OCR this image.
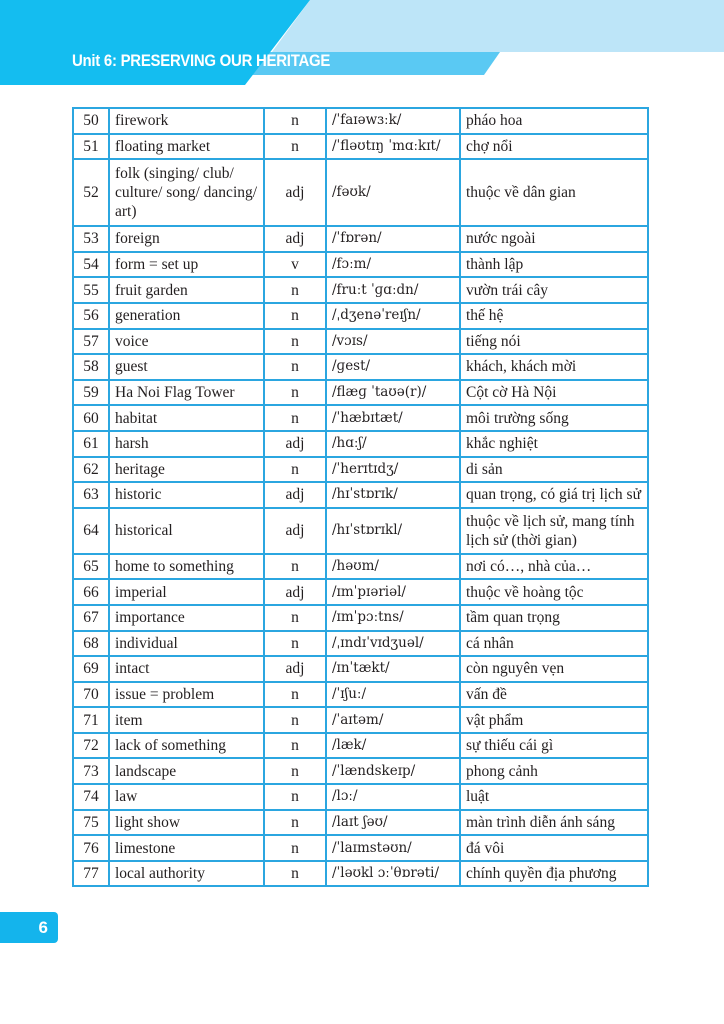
Unit 6: PRESERVING OUR HERITAGE
50	firework	n	/ˈfaɪəwɜːk/	pháo hoa
51	floating market	n	/ˈfləʊtɪŋ ˈmɑːkɪt/	chợ nổi
52	folk (singing/ club/ culture/ song/ dancing/ art)	adj	/fəʊk/	thuộc về dân gian
53	foreign	adj	/ˈfɒrən/	nước ngoài
54	form = set up	v	/fɔːm/	thành lập
55	fruit garden	n	/fruːt ˈɡɑːdn/	vườn trái cây
56	generation	n	/ˌdʒenəˈreɪʃn/	thế hệ
57	voice	n	/vɔɪs/	tiếng nói
58	guest	n	/ɡest/	khách, khách mời
59	Ha Noi Flag Tower	n	/flæɡ ˈtaʊə(r)/	Cột cờ Hà Nội
60	habitat	n	/ˈhæbɪtæt/	môi trường sống
61	harsh	adj	/hɑːʃ/	khắc nghiệt
62	heritage	n	/ˈherɪtɪdʒ/	di sản
63	historic	adj	/hɪˈstɒrɪk/	quan trọng, có giá trị lịch sử
64	historical	adj	/hɪˈstɒrɪkl/	thuộc về lịch sử, mang tính lịch sử (thời gian)
65	home to something	n	/həʊm/	nơi có…, nhà của…
66	imperial	adj	/ɪmˈpɪəriəl/	thuộc về hoàng tộc
67	importance	n	/ɪmˈpɔːtns/	tầm quan trọng
68	individual	n	/ˌɪndɪˈvɪdʒuəl/	cá nhân
69	intact	adj	/ɪnˈtækt/	còn nguyên vẹn
70	issue = problem	n	/ˈɪʃuː/	vấn đề
71	item	n	/ˈaɪtəm/	vật phẩm
72	lack of something	n	/læk/	sự thiếu cái gì
73	landscape	n	/ˈlændskeɪp/	phong cảnh
74	law	n	/lɔː/	luật
75	light show	n	/laɪt ʃəʊ/	màn trình diễn ánh sáng
76	limestone	n	/ˈlaɪmstəʊn/	đá vôi
77	local authority	n	/ˈləʊkl ɔːˈθɒrəti/	chính quyền địa phương
6
